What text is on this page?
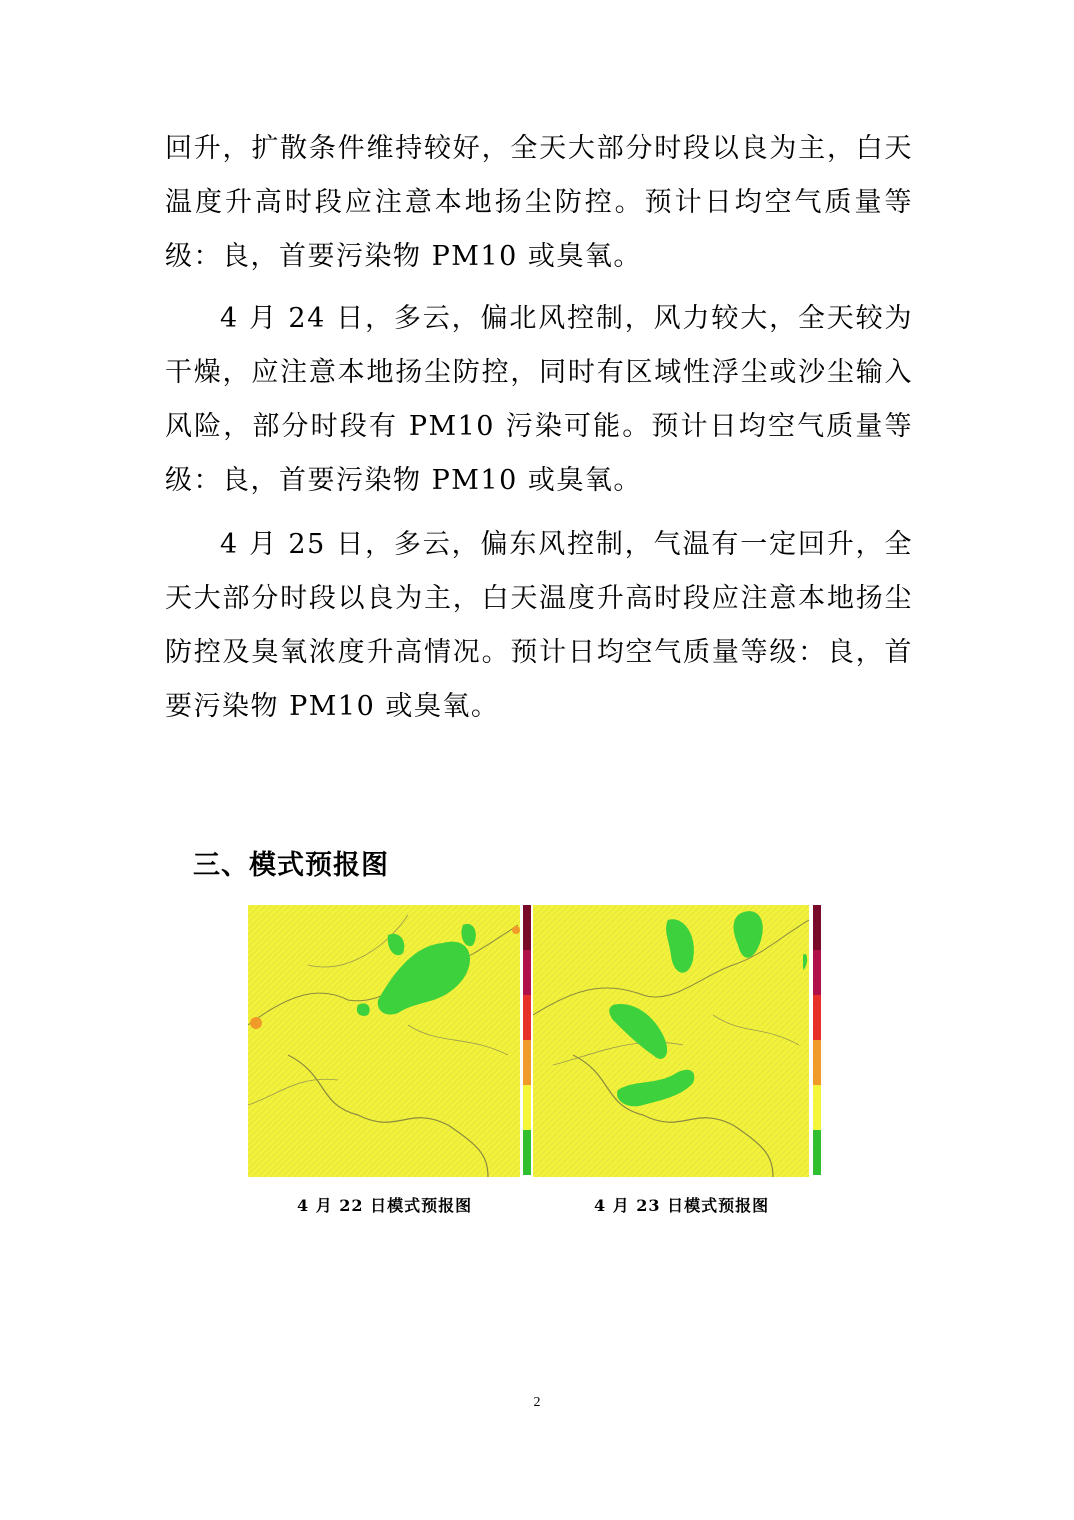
回升，扩散条件维持较好，全天大部分时段以良为主，白天温度升高时段应注意本地扬尘防控。预计日均空气质量等级：良，首要污染物 PM10 或臭氧。

4 月 24 日，多云，偏北风控制，风力较大，全天较为干燥，应注意本地扬尘防控，同时有区域性浮尘或沙尘输入风险，部分时段有 PM10 污染可能。预计日均空气质量等级：良，首要污染物 PM10 或臭氧。

4 月 25 日，多云，偏东风控制，气温有一定回升，全天大部分时段以良为主，白天温度升高时段应注意本地扬尘防控及臭氧浓度升高情况。预计日均空气质量等级：良，首要污染物 PM10 或臭氧。

三、模式预报图
4 月 22 日模式预报图	4 月 23 日模式预报图
2
